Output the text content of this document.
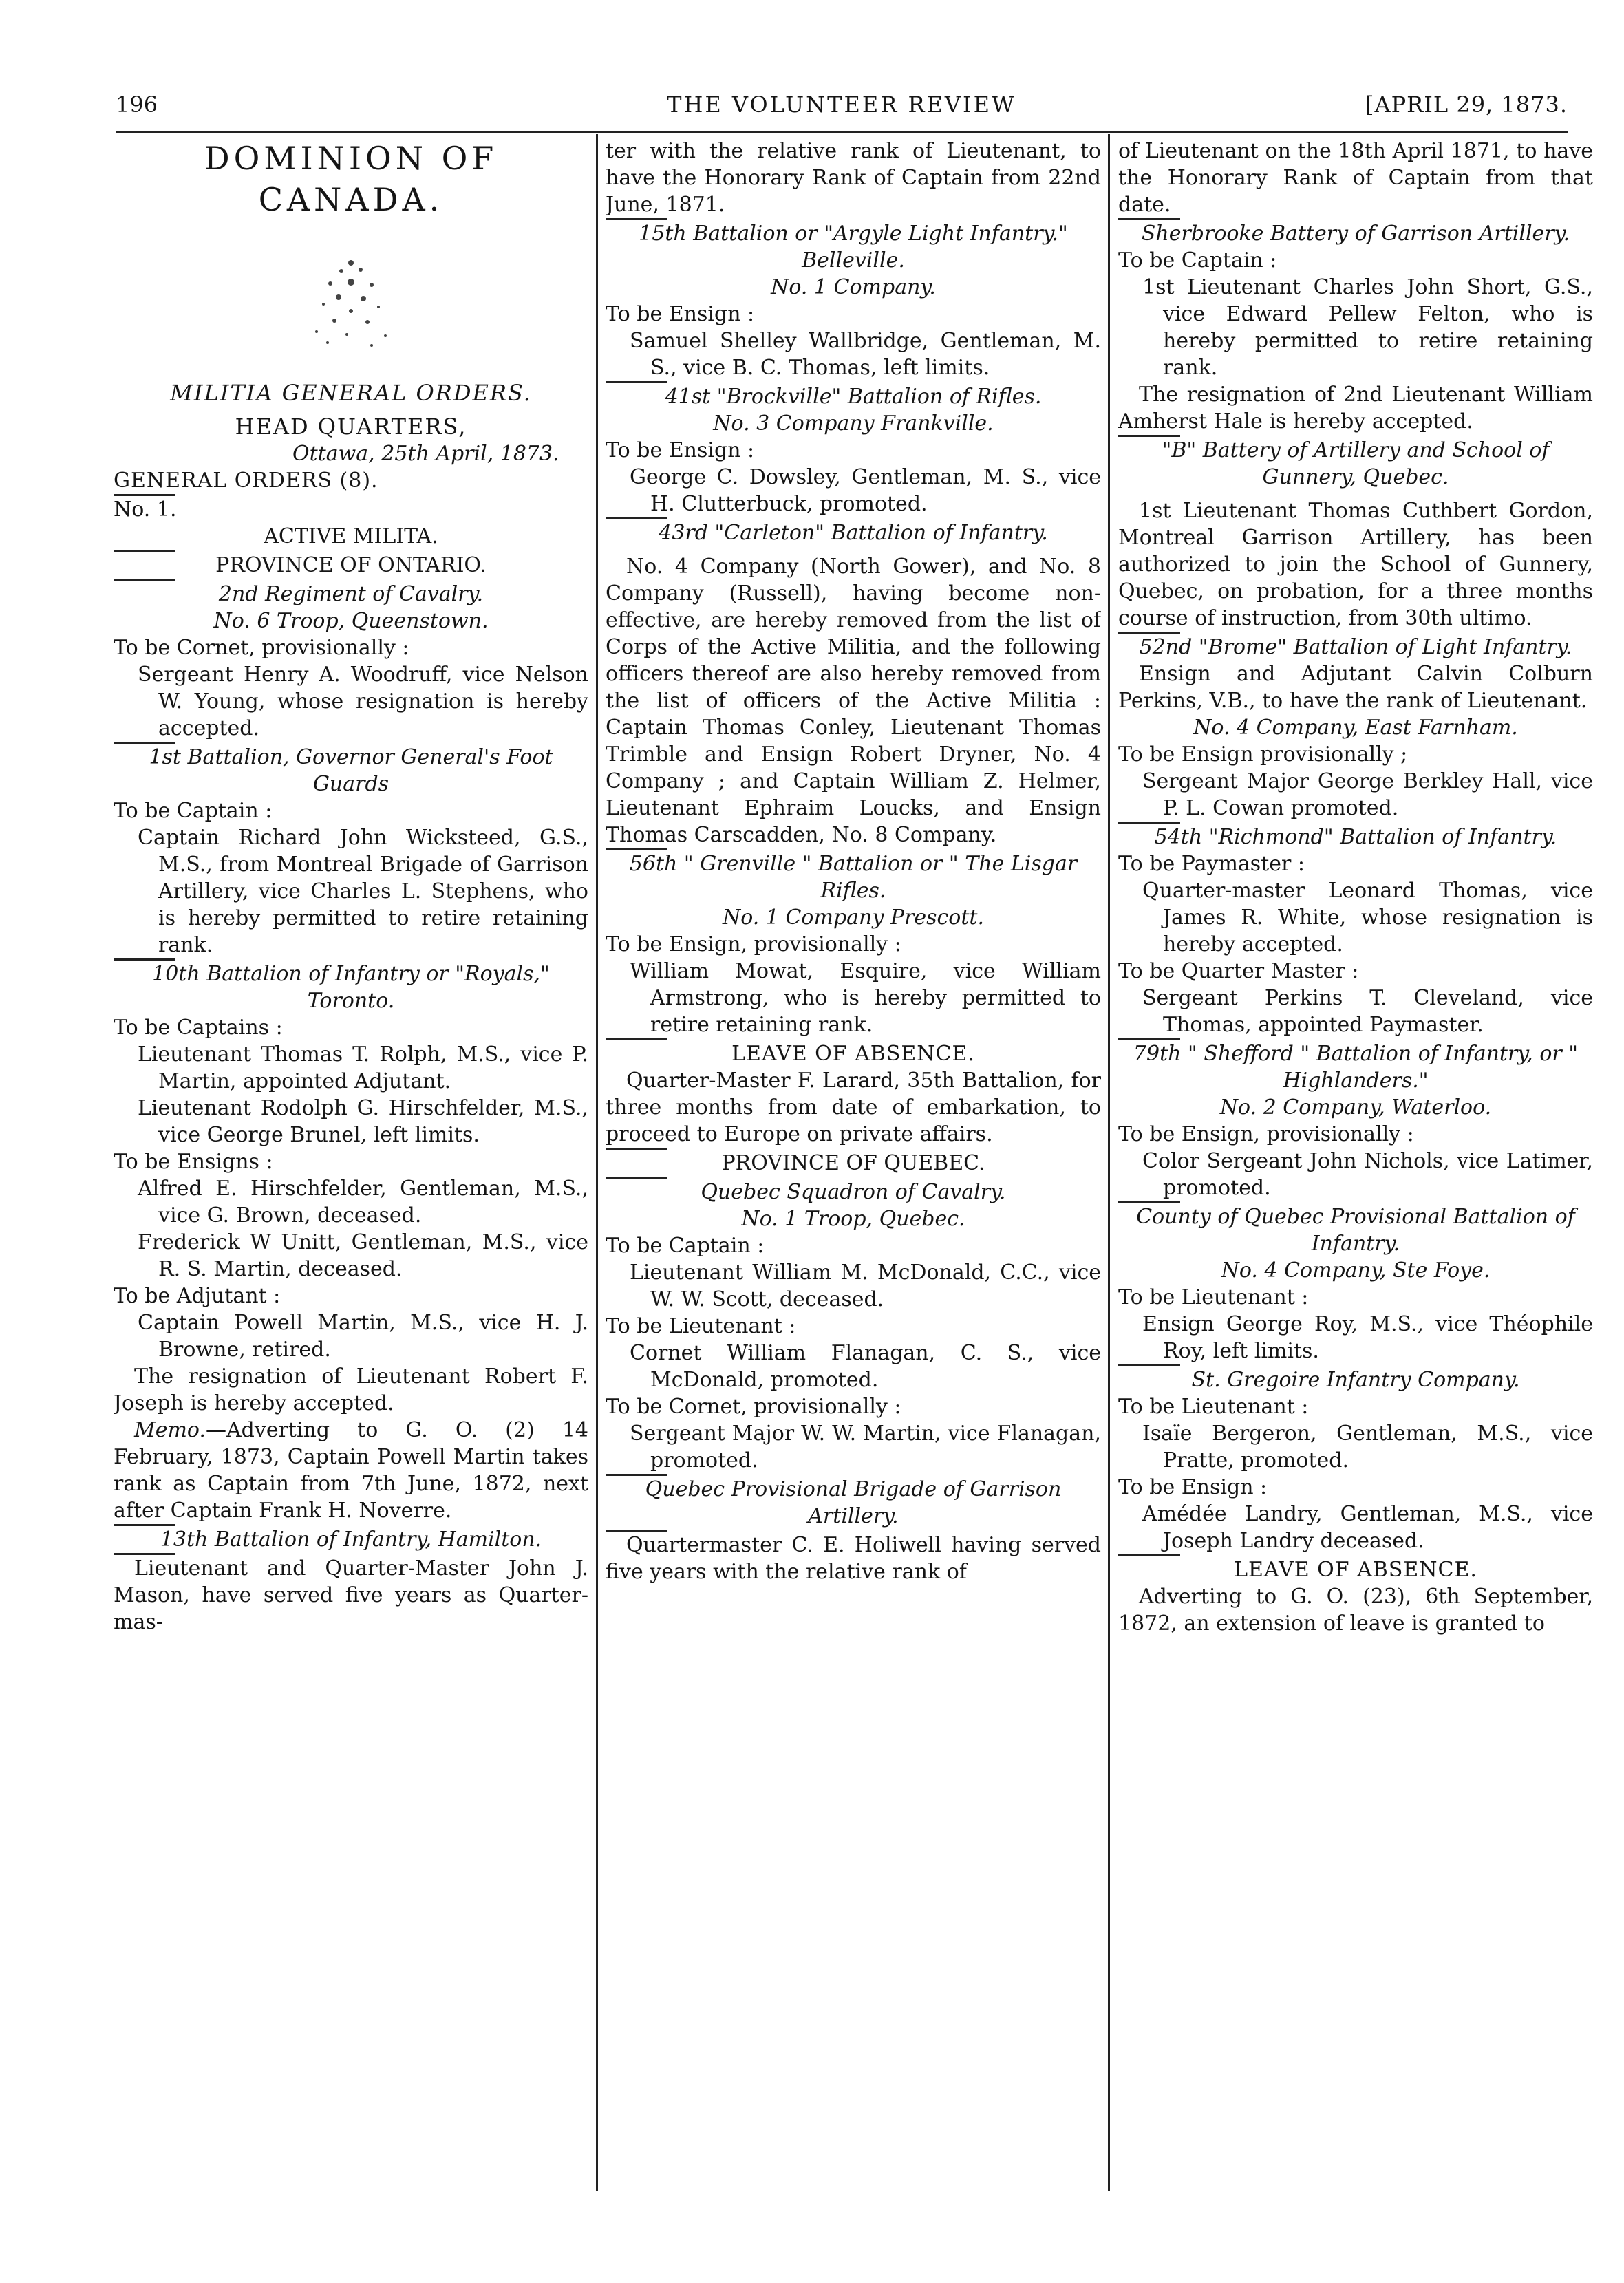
196	THE VOLUNTEER REVIEW	[APRIL 29, 1873.
DOMINION OF CANADA.
MILITIA GENERAL ORDERS.
HEAD QUARTERS,
Ottawa, 25th April, 1873.
GENERAL ORDERS (8).
No. 1.
ACTIVE MILITA.
PROVINCE OF ONTARIO.
2nd Regiment of Cavalry.
No. 6 Troop, Queenstown.
To be Cornet, provisionally :
Sergeant Henry A. Woodruff, vice Nelson W. Young, whose resignation is hereby accepted.
1st Battalion, Governor General's Foot Guards
To be Captain :
Captain Richard John Wicksteed, G.S., M.S., from Montreal Brigade of Garrison Artillery, vice Charles L. Stephens, who is hereby permitted to retire retaining rank.
10th Battalion of Infantry or "Royals," Toronto.
To be Captains :
Lieutenant Thomas T. Rolph, M.S., vice P. Martin, appointed Adjutant.
Lieutenant Rodolph G. Hirschfelder, M.S., vice George Brunel, left limits.
To be Ensigns :
Alfred E. Hirschfelder, Gentleman, M.S., vice G. Brown, deceased.
Frederick W Unitt, Gentleman, M.S., vice R. S. Martin, deceased.
To be Adjutant :
Captain Powell Martin, M.S., vice H. J. Browne, retired.
The resignation of Lieutenant Robert F. Joseph is hereby accepted.
Memo.—Adverting to G. O. (2) 14 February, 1873, Captain Powell Martin takes rank as Captain from 7th June, 1872, next after Captain Frank H. Noverre.
13th Battalion of Infantry, Hamilton.
Lieutenant and Quarter-Master John J. Mason, have served five years as Quarter-mas-
ter with the relative rank of Lieutenant, to have the Honorary Rank of Captain from 22nd June, 1871.
15th Battalion or "Argyle Light Infantry." Belleville.
No. 1 Company.
To be Ensign :
Samuel Shelley Wallbridge, Gentleman, M. S., vice B. C. Thomas, left limits.
41st "Brockville" Battalion of Rifles.
No. 3 Company Frankville.
To be Ensign :
George C. Dowsley, Gentleman, M. S., vice H. Clutterbuck, promoted.
43rd "Carleton" Battalion of Infantry.
No. 4 Company (North Gower), and No. 8 Company (Russell), having become non-effective, are hereby removed from the list of Corps of the Active Militia, and the following officers thereof are also hereby removed from the list of officers of the Active Militia : Captain Thomas Conley, Lieutenant Thomas Trimble and Ensign Robert Dryner, No. 4 Company ; and Captain William Z. Helmer, Lieutenant Ephraim Loucks, and Ensign Thomas Carscadden, No. 8 Company.
56th " Grenville " Battalion or " The Lisgar Rifles.
No. 1 Company Prescott.
To be Ensign, provisionally :
William Mowat, Esquire, vice William Armstrong, who is hereby permitted to retire retaining rank.
LEAVE OF ABSENCE.
Quarter-Master F. Larard, 35th Battalion, for three months from date of embarkation, to proceed to Europe on private affairs.
PROVINCE OF QUEBEC.
Quebec Squadron of Cavalry.
No. 1 Troop, Quebec.
To be Captain :
Lieutenant William M. McDonald, C.C., vice W. W. Scott, deceased.
To be Lieutenant :
Cornet William Flanagan, C. S., vice McDonald, promoted.
To be Cornet, provisionally :
Sergeant Major W. W. Martin, vice Flanagan, promoted.
Quebec Provisional Brigade of Garrison Artillery.
Quartermaster C. E. Holiwell having served five years with the relative rank of
of Lieutenant on the 18th April 1871, to have the Honorary Rank of Captain from that date.
Sherbrooke Battery of Garrison Artillery.
To be Captain :
1st Lieutenant Charles John Short, G.S., vice Edward Pellew Felton, who is hereby permitted to retire retaining rank.
The resignation of 2nd Lieutenant William Amherst Hale is hereby accepted.
"B" Battery of Artillery and School of Gunnery, Quebec.
1st Lieutenant Thomas Cuthbert Gordon, Montreal Garrison Artillery, has been authorized to join the School of Gunnery, Quebec, on probation, for a three months course of instruction, from 30th ultimo.
52nd "Brome" Battalion of Light Infantry.
Ensign and Adjutant Calvin Colburn Perkins, V.B., to have the rank of Lieutenant.
No. 4 Company, East Farnham.
To be Ensign provisionally ;
Sergeant Major George Berkley Hall, vice P. L. Cowan promoted.
54th "Richmond" Battalion of Infantry.
To be Paymaster :
Quarter-master Leonard Thomas, vice James R. White, whose resignation is hereby accepted.
To be Quarter Master :
Sergeant Perkins T. Cleveland, vice Thomas, appointed Paymaster.
79th " Shefford " Battalion of Infantry, or " Highlanders."
No. 2 Company, Waterloo.
To be Ensign, provisionally :
Color Sergeant John Nichols, vice Latimer, promoted.
County of Quebec Provisional Battalion of Infantry.
No. 4 Company, Ste Foye.
To be Lieutenant :
Ensign George Roy, M.S., vice Théophile Roy, left limits.
St. Gregoire Infantry Company.
To be Lieutenant :
Isaïe Bergeron, Gentleman, M.S., vice Pratte, promoted.
To be Ensign :
Amédée Landry, Gentleman, M.S., vice Joseph Landry deceased.
LEAVE OF ABSENCE.
Adverting to G. O. (23), 6th September, 1872, an extension of leave is granted to
